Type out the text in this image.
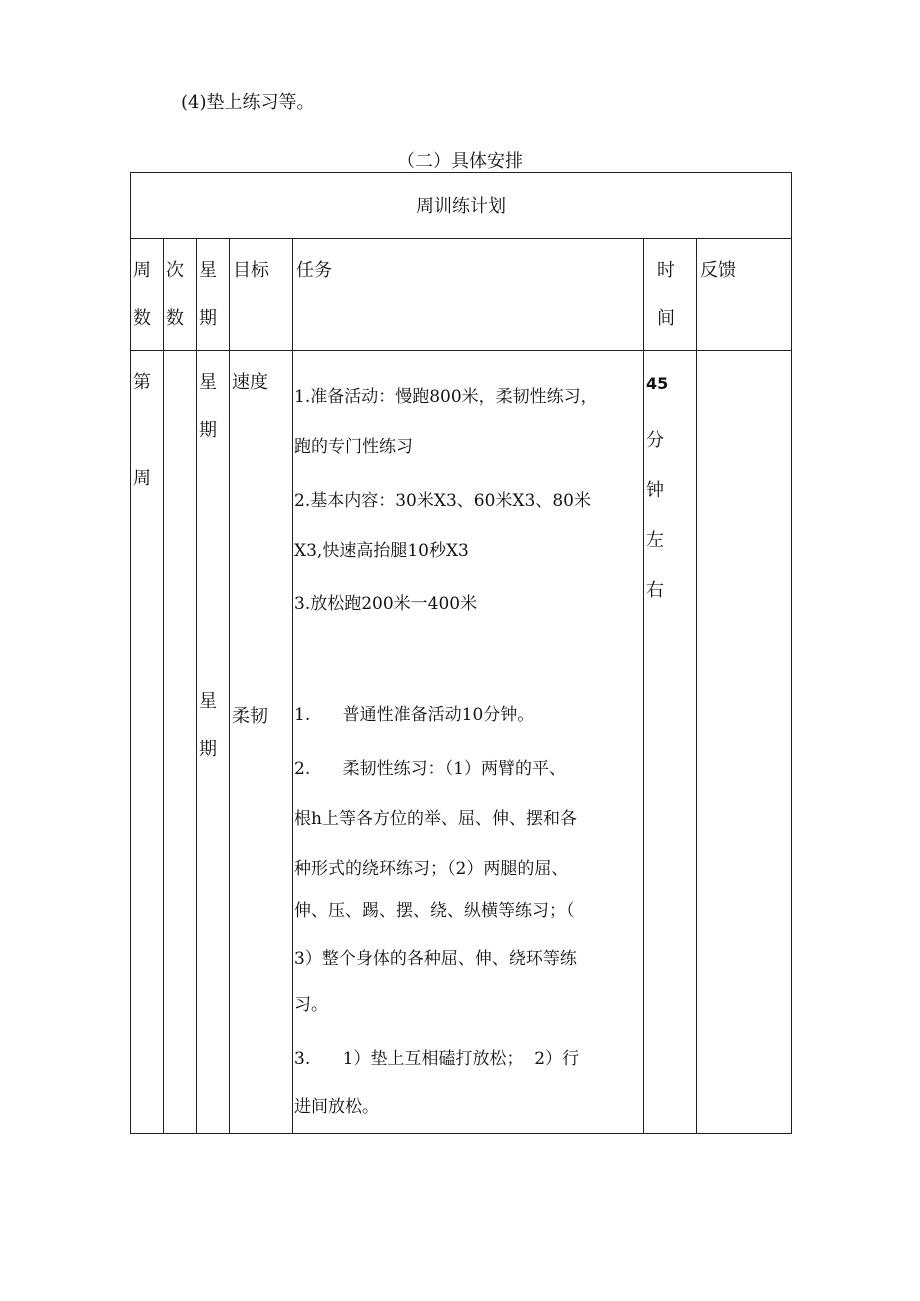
(4)垫上练习等。
（二）具体安排
周训练计划
周
数
次
数
星
期
目标 任务	时
间
反馈
第
周
星
期
速度
1.准备活动：慢跑800米，柔韧性练习，
跑的专门性练习
2.基本内容：30米X3、60米X3、80米
X3,快速高抬腿10秒X3
3.放松跑200米一400米
45
分
钟
左
右
星
期
柔韧 1.      普通性准备活动10分钟。
2.      柔韧性练习：（1）两臂的平、
根h上等各方位的举、屈、伸、摆和各
种形式的绕环练习；（2）两腿的屈、
伸、压、踢、摆、绕、纵横等练习；（
3）整个身体的各种屈、伸、绕环等练
习。
3.      1）垫上互相磕打放松；  2）行
进间放松。
